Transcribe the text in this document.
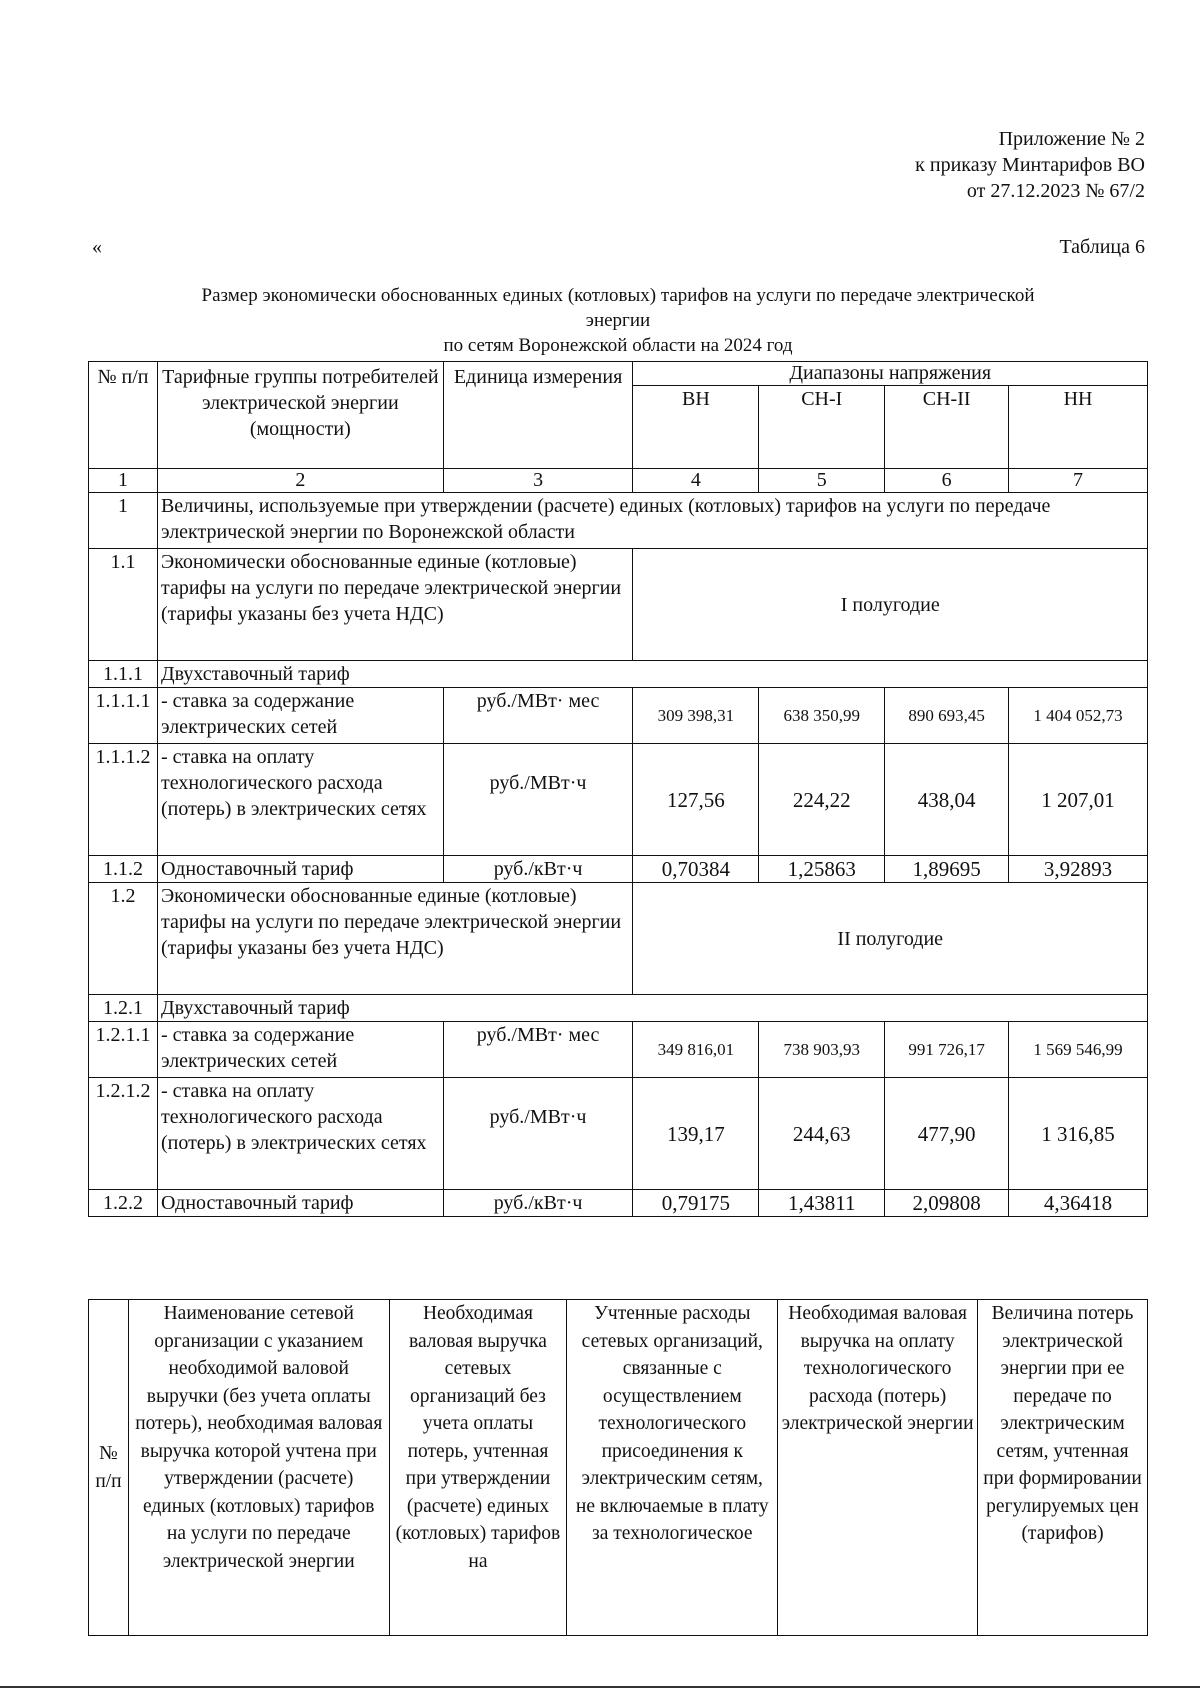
Приложение № 2
к приказу Минтарифов ВО
от 27.12.2023 № 67/2
«	Таблица 6
Размер экономически обоснованных единых (котловых) тарифов на услуги по передаче электрической
энергии
по сетям Воронежской области на 2024 год
№ п/п	Тарифные группы потребителей электрической энергии (мощности)	Единица измерения	Диапазоны напряжения			
			ВН	СН-I	СН-II	НН
1	2	3	4	5	6	7
1	Величины, используемые при утверждении (расчете) единых (котловых) тарифов на услуги по передаче электрической энергии по Воронежской области					
1.1	Экономически обоснованные единые (котловые) тарифы на услуги по передаче электрической энергии (тарифы указаны без учета НДС)		I полугодие			
1.1.1	Двухставочный тариф					
1.1.1.1	- ставка за содержание электрических сетей	руб./МВт· мес	309 398,31	638 350,99	890 693,45	1 404 052,73
1.1.1.2	- ставка на оплату технологического расхода (потерь) в электрических сетях	руб./МВт·ч	127,56	224,22	438,04	1 207,01
1.1.2	Одноставочный тариф	руб./кВт·ч	0,70384	1,25863	1,89695	3,92893
1.2	Экономически обоснованные единые (котловые) тарифы на услуги по передаче электрической энергии (тарифы указаны без учета НДС)		II полугодие			
1.2.1	Двухставочный тариф					
1.2.1.1	- ставка за содержание электрических сетей	руб./МВт· мес	349 816,01	738 903,93	991 726,17	1 569 546,99
1.2.1.2	- ставка на оплату технологического расхода (потерь) в электрических сетях	руб./МВт·ч	139,17	244,63	477,90	1 316,85
1.2.2	Одноставочный тариф	руб./кВт·ч	0,79175	1,43811	2,09808	4,36418
№ п/п	Наименование сетевой организации с указанием необходимой валовой выручки (без учета оплаты потерь), необходимая валовая выручка которой учтена при утверждении (расчете) единых (котловых) тарифов на услуги по передаче электрической энергии	Необходимая валовая выручка сетевых организаций без учета оплаты потерь, учтенная при утверждении (расчете) единых (котловых) тарифов на	Учтенные расходы сетевых организаций, связанные с осуществлением технологического присоединения к электрическим сетям, не включаемые в плату за технологическое	Необходимая валовая выручка на оплату технологического расхода (потерь) электрической энергии	Величина потерь электрической энергии при ее передаче по электрическим сетям, учтенная при формировании регулируемых цен (тарифов)
